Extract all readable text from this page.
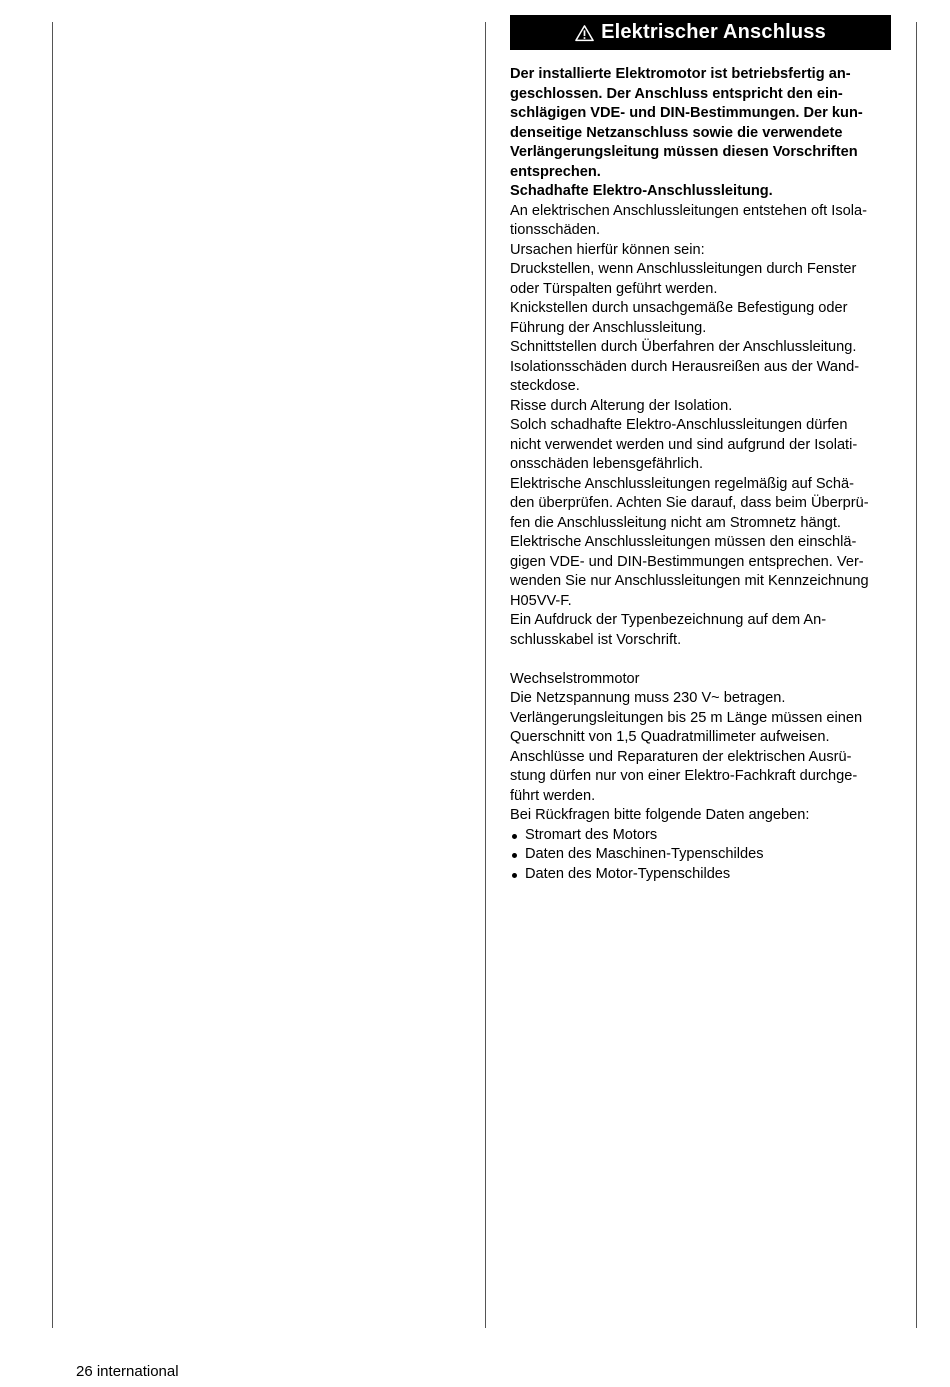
Elektrischer Anschluss
Der installierte Elektromotor ist betriebsfertig an-
geschlossen. Der Anschluss entspricht den ein-
schlägigen VDE- und DIN-Bestimmungen. Der kun-
denseitige Netzanschluss sowie die verwendete
Verlängerungsleitung müssen diesen Vorschriften
entsprechen.
Schadhafte Elektro-Anschlussleitung.
An elektrischen Anschlussleitungen entstehen oft Isola-
tionsschäden.
Ursachen hierfür können sein:
Druckstellen, wenn Anschlussleitungen durch Fenster
oder Türspalten geführt werden.
Knickstellen durch unsachgemäße Befestigung oder
Führung der Anschlussleitung.
Schnittstellen durch Überfahren der Anschlussleitung.
Isolationsschäden durch Herausreißen aus der Wand-
steckdose.
Risse durch Alterung der Isolation.
Solch schadhafte Elektro-Anschlussleitungen dürfen
nicht verwendet werden und sind aufgrund der Isolati-
onsschäden lebensgefährlich.
Elektrische Anschlussleitungen regelmäßig auf Schä-
den überprüfen. Achten Sie darauf, dass beim Überprü-
fen die Anschlussleitung nicht am Stromnetz hängt.
Elektrische Anschlussleitungen müssen den einschlä-
gigen VDE- und DIN-Bestimmungen entsprechen. Ver-
wenden Sie nur Anschlussleitungen mit Kennzeichnung
H05VV-F.
Ein Aufdruck der Typenbezeichnung auf dem An-
schlusskabel ist Vorschrift.
Wechselstrommotor
Die Netzspannung muss 230 V~ betragen.
Verlängerungsleitungen bis 25 m Länge müssen einen
Querschnitt von 1,5 Quadratmillimeter aufweisen.
Anschlüsse und Reparaturen der elektrischen Ausrü-
stung dürfen nur von einer Elektro-Fachkraft durchge-
führt werden.
Bei Rückfragen bitte folgende Daten angeben:
Stromart des Motors
Daten des Maschinen-Typenschildes
Daten des Motor-Typenschildes
26 international
